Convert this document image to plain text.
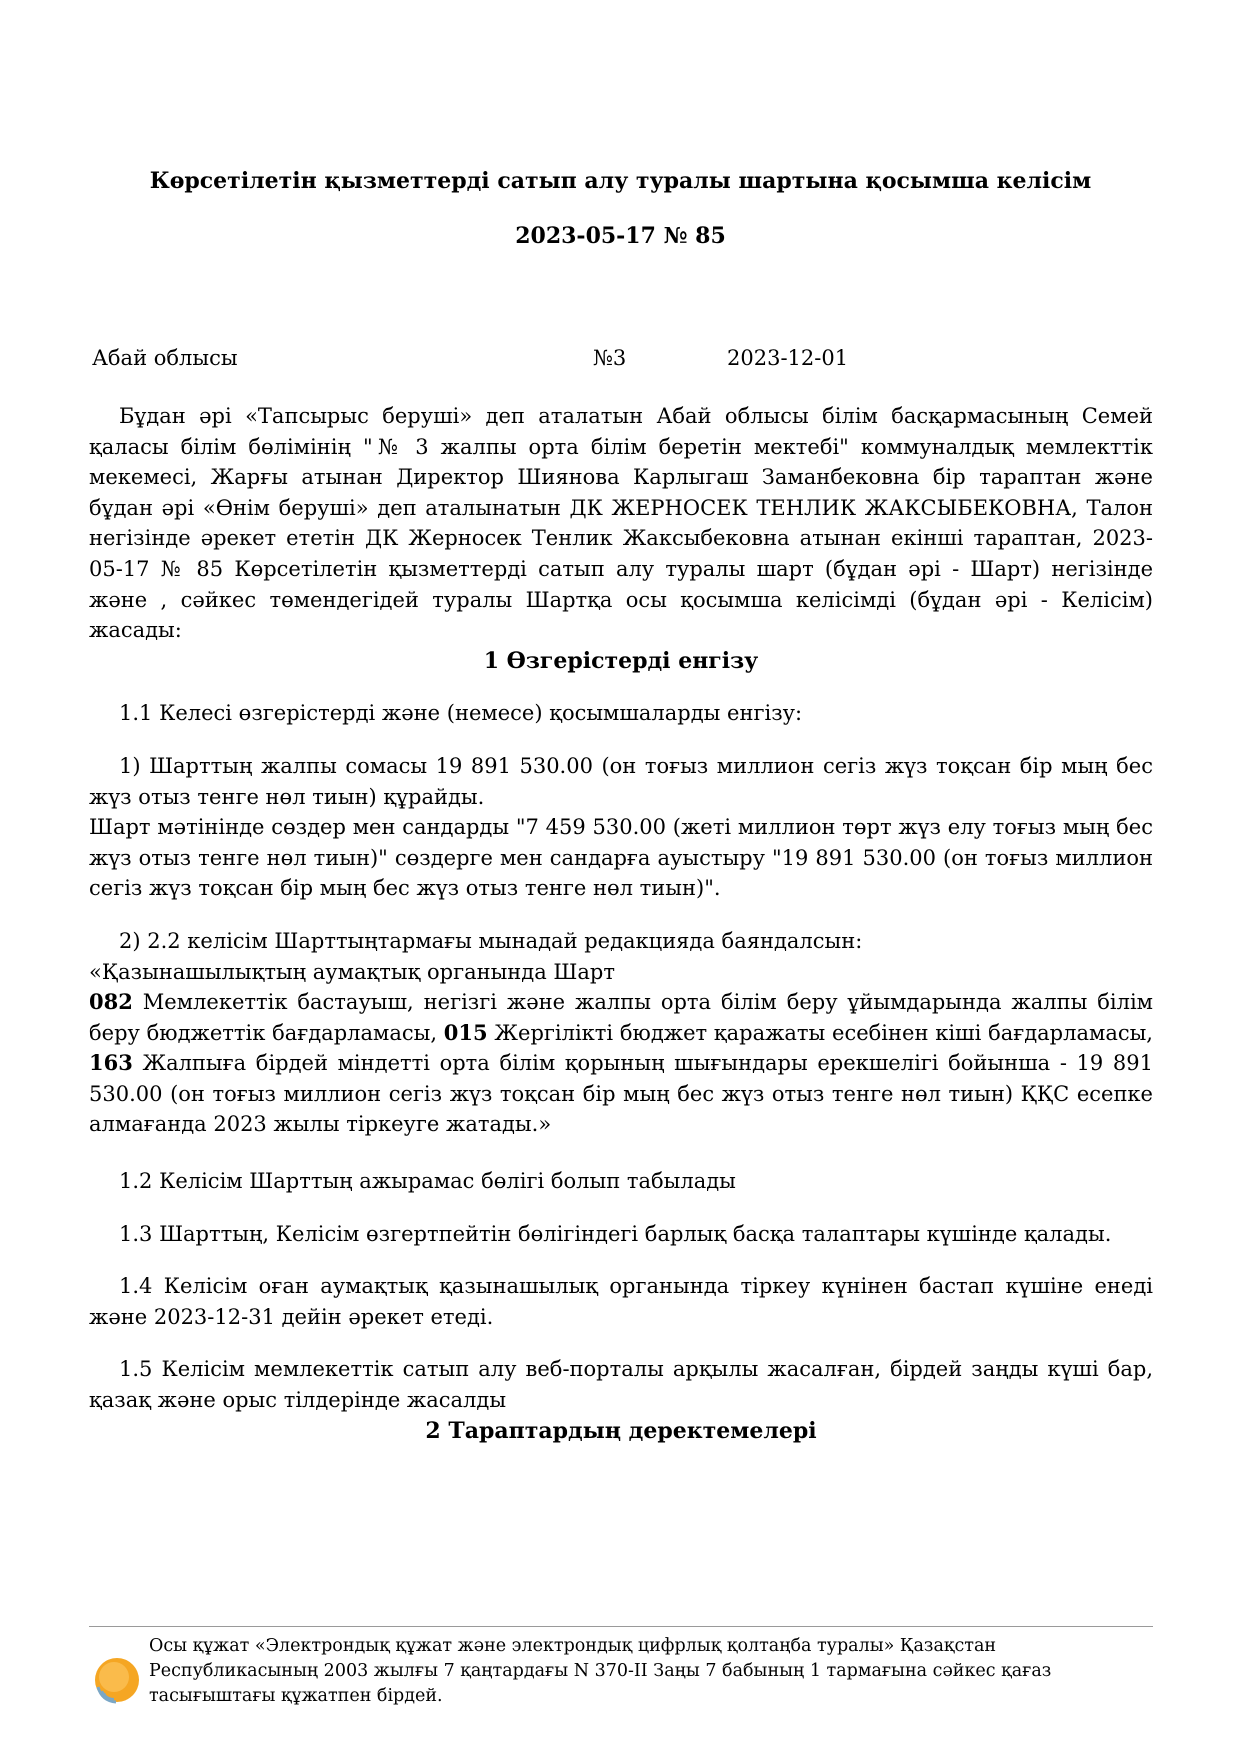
Көрсетілетін қызметтерді сатып алу туралы шартына қосымша келісім
2023-05-17 № 85
Абай облысы	№3	2023-12-01

Бұдан әрі «Тапсырыс беруші» деп аталатын Абай облысы білім басқармасының Семей қаласы білім бөлімінің "№ 3 жалпы орта білім беретін мектебі" коммуналдық мемлекттік мекемесі, Жарғы атынан Директор Шиянова Карлыгаш Заманбековна бір тараптан және бұдан әрі «Өнім беруші» деп аталынатын ДК ЖЕРНОСЕК ТЕНЛИК ЖАКСЫБЕКОВНА, Талон негізінде әрекет ететін ДК Жерносек Тенлик Жаксыбековна атынан екінші тараптан, 2023-05-17 № 85 Көрсетілетін қызметтерді сатып алу туралы шарт (бұдан әрі - Шарт) негізінде және , сәйкес төмендегідей туралы Шартқа осы қосымша келісімді (бұдан әрі - Келісім) жасады:

1 Өзгерістерді енгізу

1.1 Келесі өзгерістерді және (немесе) қосымшаларды енгізу:

1) Шарттың жалпы сомасы 19 891 530.00 (он тоғыз миллион сегіз жүз тоқсан бір мың бес жүз отыз тенге нөл тиын) құрайды.

Шарт мәтінінде сөздер мен сандарды "7 459 530.00 (жеті миллион төрт жүз елу тоғыз мың бес жүз отыз тенге нөл тиын)" сөздерге мен сандарға ауыстыру "19 891 530.00 (он тоғыз миллион сегіз жүз тоқсан бір мың бес жүз отыз тенге нөл тиын)".

2) 2.2 келісім Шарттыңтармағы мынадай редакцияда баяндалсын:

«Қазынашылықтың аумақтық органында Шарт

082 Мемлекеттік бастауыш, негізгі және жалпы орта білім беру ұйымдарында жалпы білім беру бюджеттік бағдарламасы, 015 Жергілікті бюджет қаражаты есебінен кіші бағдарламасы, 163 Жалпыға бірдей міндетті орта білім қорының шығындары ерекшелігі бойынша - 19 891 530.00 (он тоғыз миллион сегіз жүз тоқсан бір мың бес жүз отыз тенге нөл тиын) ҚҚС есепке алмағанда 2023 жылы тіркеуге жатады.»

1.2 Келісім Шарттың ажырамас бөлігі болып табылады

1.3 Шарттың, Келісім өзгертпейтін бөлігіндегі барлық басқа талаптары күшінде қалады.

1.4 Келісім оған аумақтық қазынашылық органында тіркеу күнінен бастап күшіне енеді және 2023-12-31 дейін әрекет етеді.

1.5 Келісім мемлекеттік сатып алу веб-порталы арқылы жасалған, бірдей заңды күші бар, қазақ және орыс тілдерінде жасалды

2 Тараптардың деректемелері

Осы құжат «Электрондық құжат және электрондық цифрлық қолтаңба туралы» Қазақстан Республикасының 2003 жылғы 7 қаңтардағы N 370-II Заңы 7 бабының 1 тармағына сәйкес қағаз тасығыштағы құжатпен бірдей.
